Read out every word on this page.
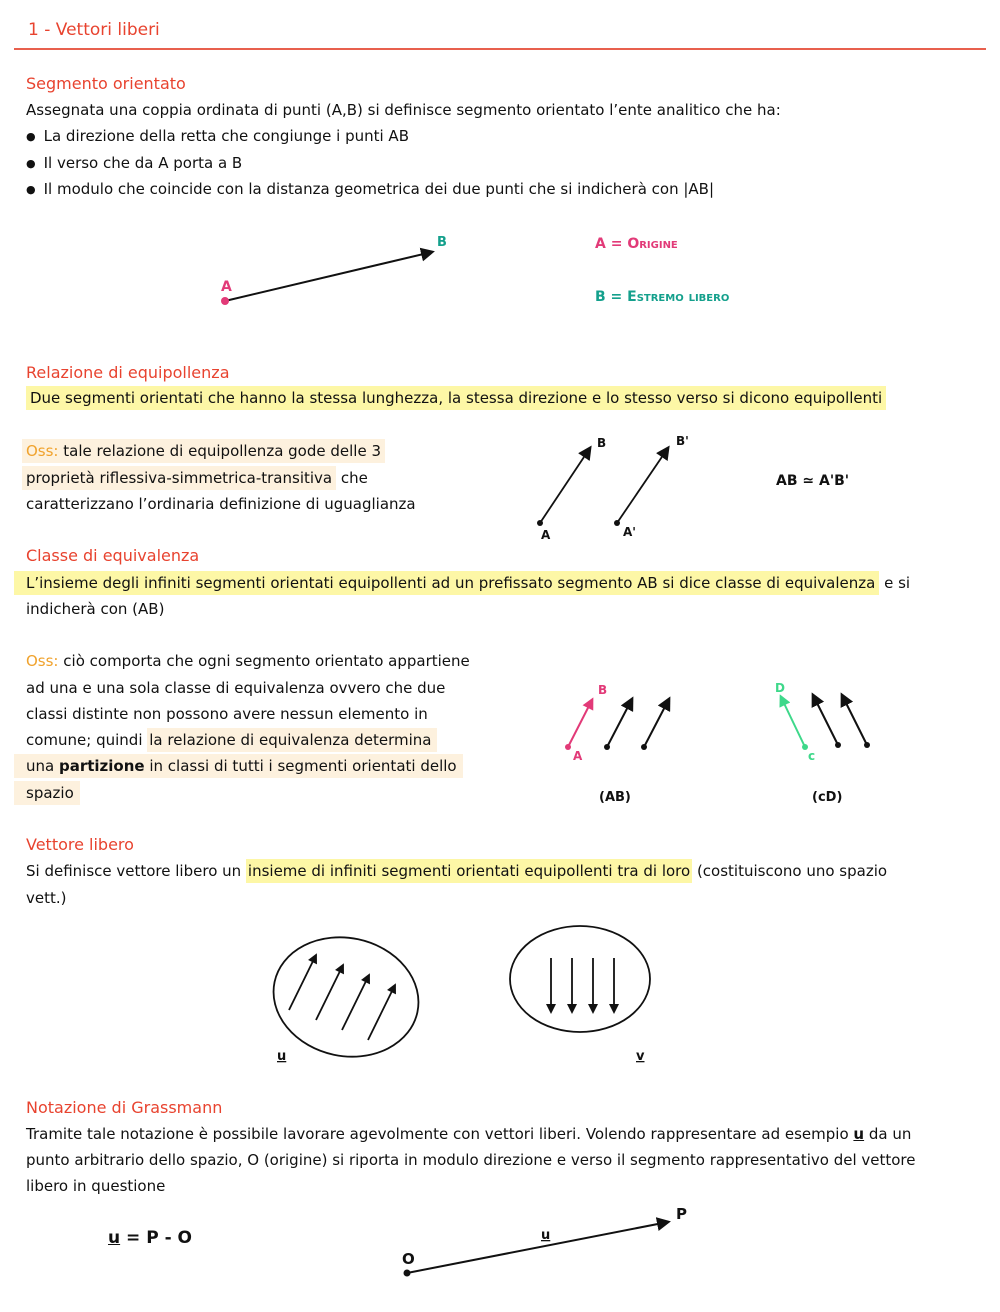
1 - Vettori liberi
Segmento orientato
Assegnata una coppia ordinata di punti (A,B) si definisce segmento orientato l’ente analitico che ha:
● La direzione della retta che congiunge i punti AB
● Il verso che da A porta a B
● Il modulo che coincide con la distanza geometrica dei due punti che si indicherà con |AB|
A
B
A
B
A'
B'
AB ≃ A'B'
B
A
(AB)
D
c
(cD)
u	v
O
P
u
A = Origine
B = Estremo libero
Relazione di equipollenza
Due segmenti orientati che hanno la stessa lunghezza, la stessa direzione e lo stesso verso si dicono equipollenti
Oss: tale relazione di equipollenza gode delle 3
proprietà riflessiva-simmetrica-transitiva che
caratterizzano l’ordinaria definizione di uguaglianza
Classe di equivalenza
L’insieme degli infiniti segmenti orientati equipollenti ad un prefissato segmento AB si dice classe di equivalenza e si
indicherà con (AB)
Oss: ciò comporta che ogni segmento orientato appartiene
ad una e una sola classe di equivalenza ovvero che due
classi distinte non possono avere nessun elemento in
comune; quindi la relazione di equivalenza determina
una partizione in classi di tutti i segmenti orientati dello
spazio
Vettore libero
Si definisce vettore libero un insieme di infiniti segmenti orientati equipollenti tra di loro (costituiscono uno spazio
vett.)
Notazione di Grassmann
Tramite tale notazione è possibile lavorare agevolmente con vettori liberi. Volendo rappresentare ad esempio u da un
punto arbitrario dello spazio, O (origine) si riporta in modulo direzione e verso il segmento rappresentativo del vettore
libero in questione
u = P - O
